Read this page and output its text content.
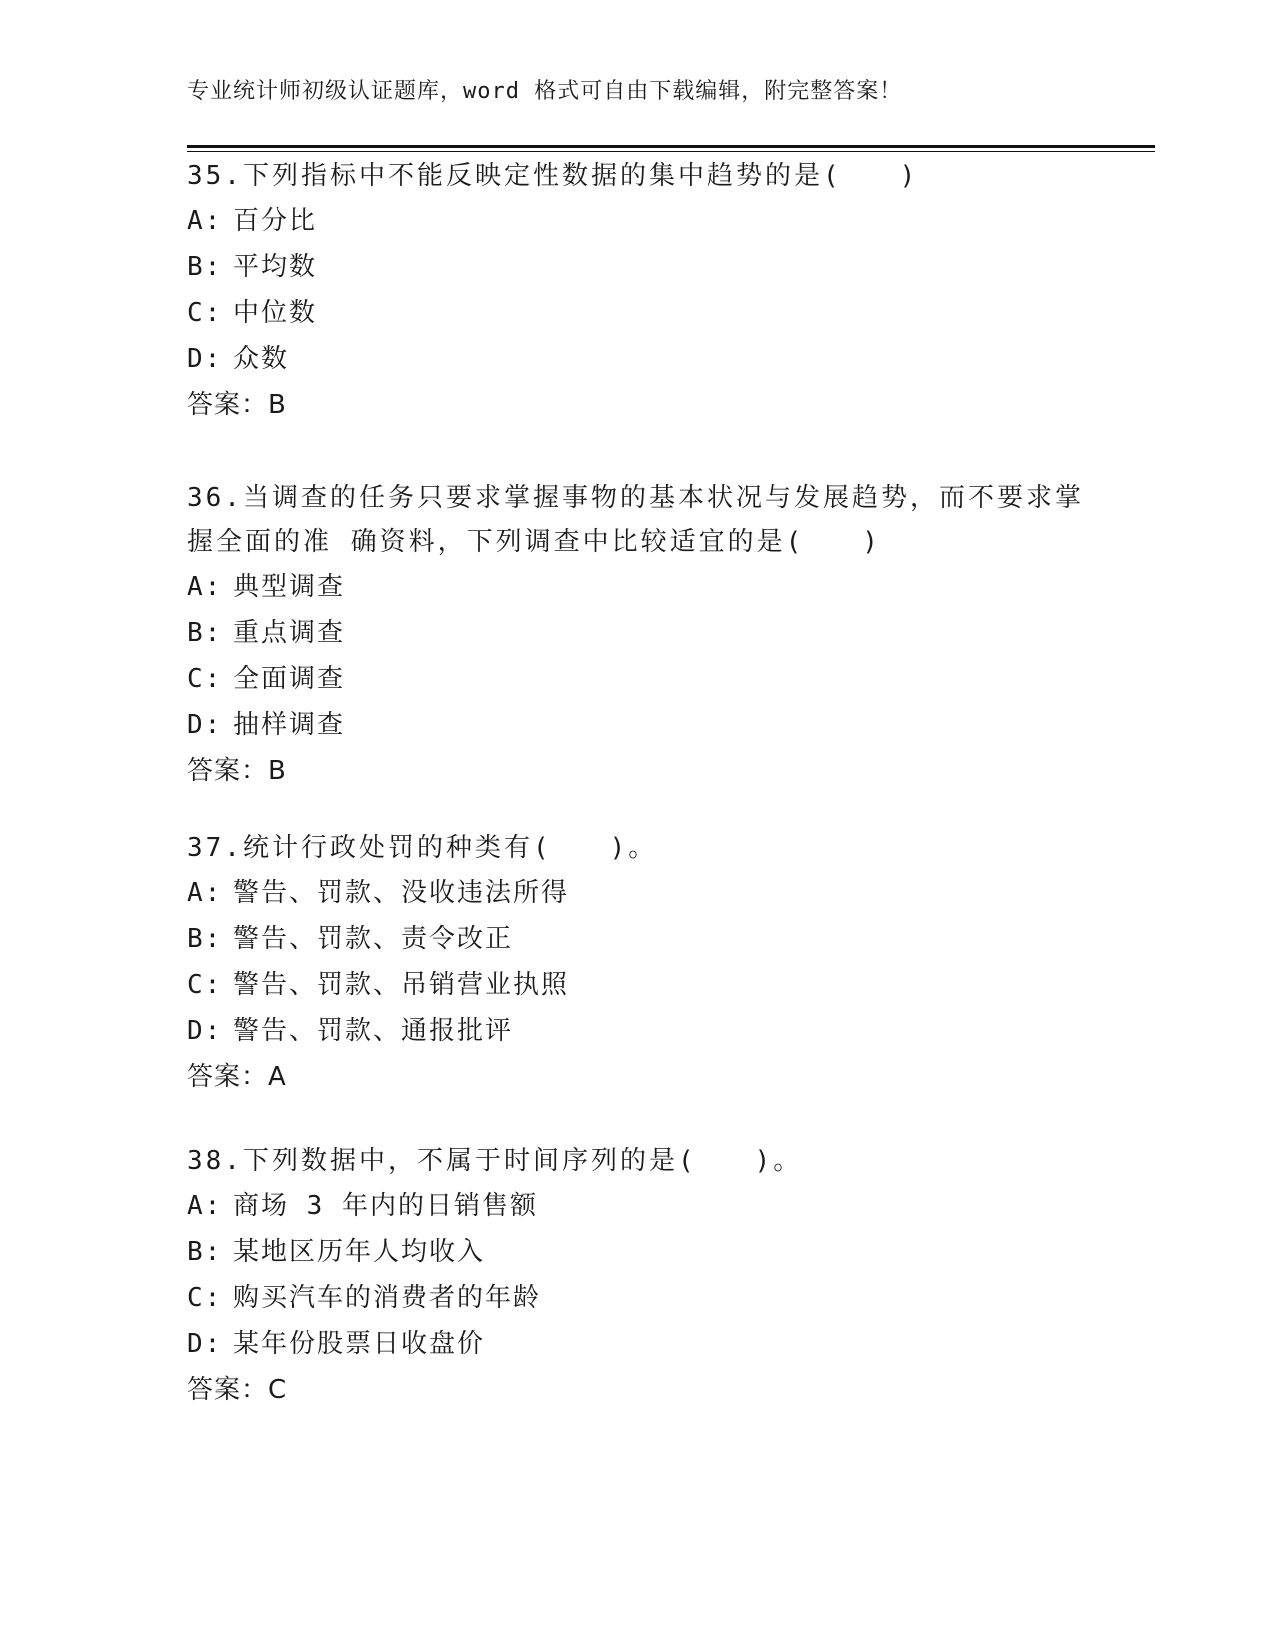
专业统计师初级认证题库，word 格式可自由下载编辑，附完整答案！
35.下列指标中不能反映定性数据的集中趋势的是(　　)
A: 百分比
B: 平均数
C: 中位数
D: 众数
答案：B
36.当调查的任务只要求掌握事物的基本状况与发展趋势，而不要求掌
握全面的准 确资料，下列调查中比较适宜的是(　　)
A: 典型调查
B: 重点调查
C: 全面调查
D: 抽样调查
答案：B
37.统计行政处罚的种类有(　　)。
A: 警告、罚款、没收违法所得
B: 警告、罚款、责令改正
C: 警告、罚款、吊销营业执照
D: 警告、罚款、通报批评
答案：A
38.下列数据中，不属于时间序列的是(　　)。
A: 商场 3 年内的日销售额
B: 某地区历年人均收入
C: 购买汽车的消费者的年龄
D: 某年份股票日收盘价
答案：C
